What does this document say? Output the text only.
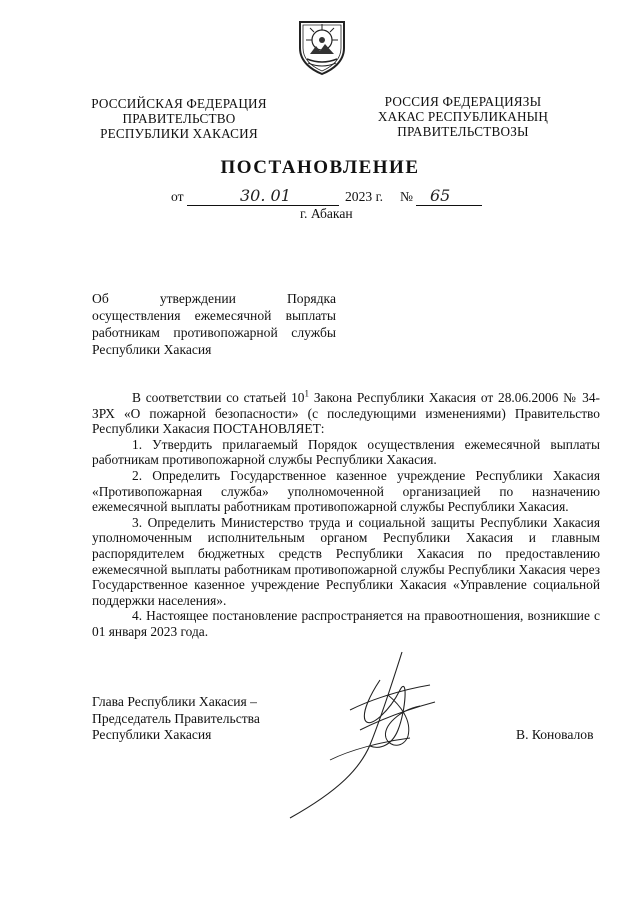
РОССИЙСКАЯ ФЕДЕРАЦИЯ
ПРАВИТЕЛЬСТВО
РЕСПУБЛИКИ ХАКАСИЯ
РОССИЯ ФЕДЕРАЦИЯЗЫ
ХАКАС РЕСПУБЛИКАНЫҢ
ПРАВИТЕЛЬСТВОЗЫ
ПОСТАНОВЛЕНИЕ
от	30. 01	2023 г. № 65
г. Абакан
Об утверждении Порядка
осуществления ежемесячной выплаты
работникам противопожарной службы
Республики Хакасия

В соответствии со статьей $10^1$ Закона Республики Хакасия от 28.06.2006 № 34-ЗРХ «О пожарной безопасности» (с последующими изменениями) Правительство Республики Хакасия ПОСТАНОВЛЯЕТ:

1. Утвердить прилагаемый Порядок осуществления ежемесячной выплаты работникам противопожарной службы Республики Хакасия.

2. Определить Государственное казенное учреждение Республики Хакасия «Противопожарная служба» уполномоченной организацией по назначению ежемесячной выплаты работникам противопожарной службы Республики Хакасия.

3. Определить Министерство труда и социальной защиты Республики Хакасия уполномоченным исполнительным органом Республики Хакасия и главным распорядителем бюджетных средств Республики Хакасия по предоставлению ежемесячной выплаты работникам противопожарной службы Республики Хакасия через Государственное казенное учреждение Республики Хакасия «Управление социальной поддержки населения».

4. Настоящее постановление распространяется на правоотношения, возникшие с 01 января 2023 года.

Глава Республики Хакасия –
Председатель Правительства
Республики Хакасия	В. Коновалов
